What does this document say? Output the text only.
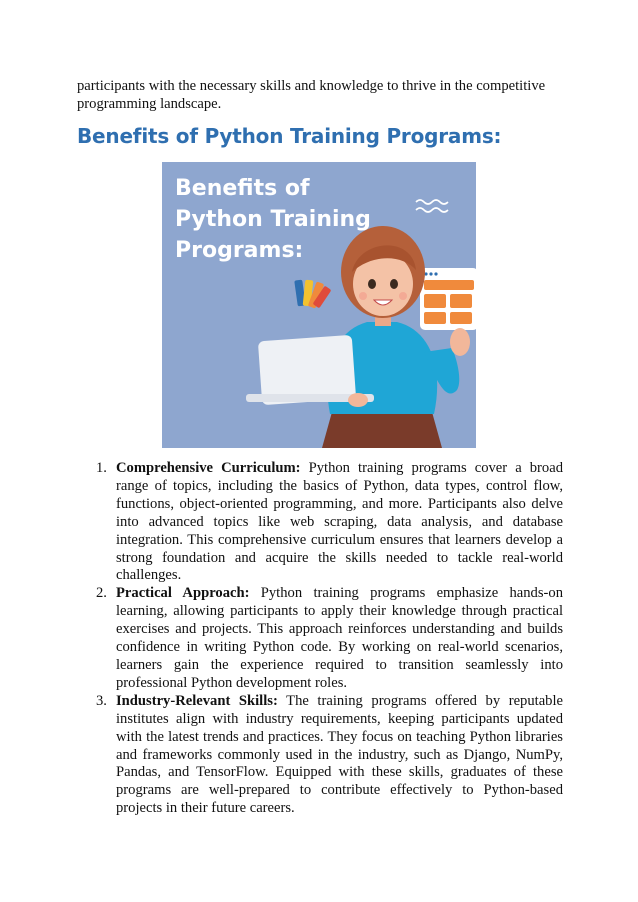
participants with the necessary skills and knowledge to thrive in the competitive programming landscape.

Benefits of Python Training Programs:

Benefits of
Python Training
Programs:

1. Comprehensive Curriculum: Python training programs cover a broad range of topics, including the basics of Python, data types, control flow, functions, object-oriented programming, and more. Participants also delve into advanced topics like web scraping, data analysis, and database integration. This comprehensive curriculum ensures that learners develop a strong foundation and acquire the skills needed to tackle real-world challenges.
2. Practical Approach: Python training programs emphasize hands-on learning, allowing participants to apply their knowledge through practical exercises and projects. This approach reinforces understanding and builds confidence in writing Python code. By working on real-world scenarios, learners gain the experience required to transition seamlessly into professional Python development roles.
3. Industry-Relevant Skills: The training programs offered by reputable institutes align with industry requirements, keeping participants updated with the latest trends and practices. They focus on teaching Python libraries and frameworks commonly used in the industry, such as Django, NumPy, Pandas, and TensorFlow. Equipped with these skills, graduates of these programs are well-prepared to contribute effectively to Python-based projects in their future careers.
